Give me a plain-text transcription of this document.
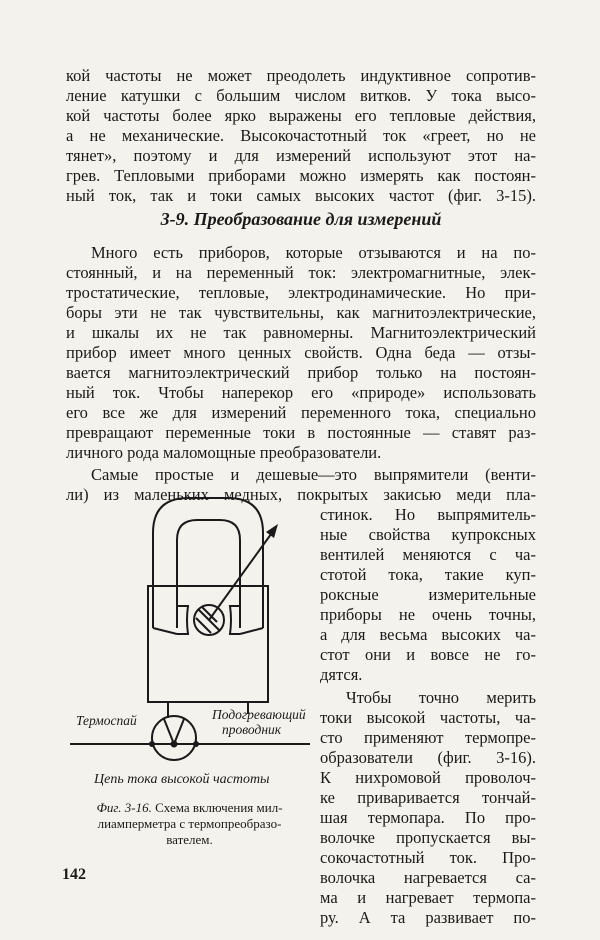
кой частоты не может преодолеть индуктивное сопротив-
ление катушки с большим числом витков. У тока высо-
кой частоты более ярко выражены его тепловые действия,
а не механические. Высокочастотный ток «греет, но не
тянет», поэтому и для измерений используют этот на-
грев. Тепловыми приборами можно измерять как постоян-
ный ток, так и токи самых высоких частот (фиг. 3-15).
3-9. Преобразование для измерений
Много есть приборов, которые отзываются и на по-
стоянный, и на переменный ток: электромагнитные, элек-
тростатические, тепловые, электродинамические. Но при-
боры эти не так чувствительны, как магнитоэлектрические,
и шкалы их не так равномерны. Магнитоэлектрический
прибор имеет много ценных свойств. Одна беда — отзы-
вается магнитоэлектрический прибор только на постоян-
ный ток. Чтобы наперекор его «природе» использовать
его все же для измерений переменного тока, специально
превращают переменные токи в постоянные — ставят раз-
личного рода маломощные преобразователи.
Самые простые и дешевые—это выпрямители (венти-
ли) из маленьких медных, покрытых закисью меди пла-
стинок. Но выпрямитель-
ные свойства купроксных
вентилей меняются с ча-
стотой тока, такие куп-
роксные измерительные
приборы не очень точны,
а для весьма высоких ча-
стот они и вовсе не го-
дятся.
Чтобы точно мерить
токи высокой частоты, ча-
сто применяют термопре-
образователи (фиг. 3-16).
К нихромовой проволоч-
ке приваривается тончай-
шая термопара. По про-
волочке пропускается вы-
сокочастотный ток. Про-
волочка нагревается са-
ма и нагревает термопа-
ру. А та развивает по-
Термоспай	Подогревающий
проводник
Цепь тока высокой частоты
Фиг. 3-16. Схема включения мил-
лиамперметра с термопреобразо-
вателем.
142
